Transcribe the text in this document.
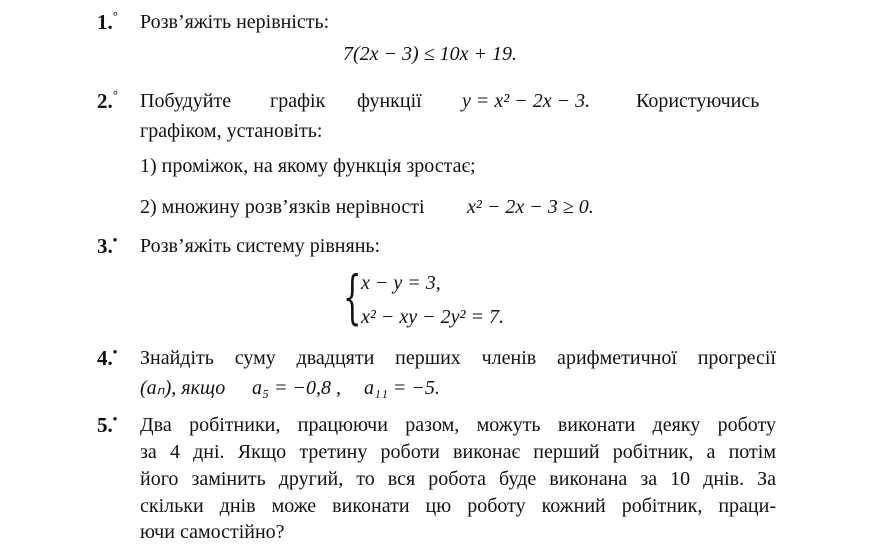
1.° Розв’яжіть нерівність:
7(2x − 3) ≤ 10x + 19.
2.° Побудуйте графік функції y = x² − 2x − 3. Користуючись
графіком, установіть:
1) проміжок, на якому функція зростає;
2) множину розв’язків нерівності x² − 2x − 3 ≥ 0.
3.• Розв’яжіть систему рівнянь:
{ x − y = 3,
x² − xy − 2y² = 7.
4.• Знайдіть суму двадцяти перших членів арифметичної прогресії
(aₙ), якщо a₅ = −0,8 , a₁₁ = −5.
5.• Два робітники, працюючи разом, можуть виконати деяку роботу
за 4 дні. Якщо третину роботи виконає перший робітник, а потім
його замінить другий, то вся робота буде виконана за 10 днів. За
скільки днів може виконати цю роботу кожний робітник, праци-
ючи самостійно?
